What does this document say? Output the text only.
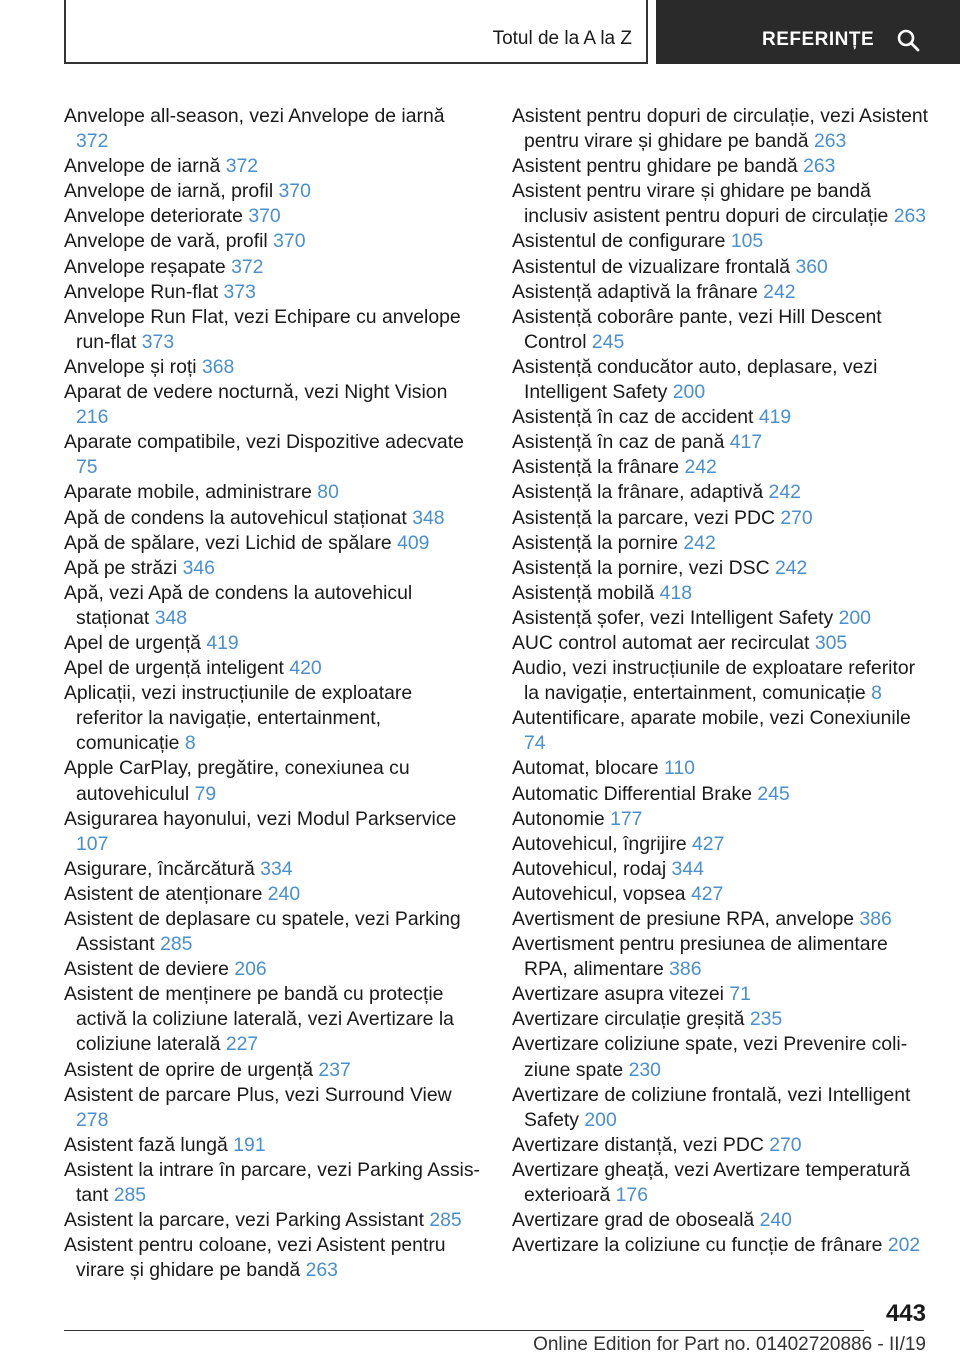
Totul de la A la Z	REFERINȚE
Anvelope all-season, vezi Anvelope de iarnă 372
Anvelope de iarnă 372
Anvelope de iarnă, profil 370
Anvelope deteriorate 370
Anvelope de vară, profil 370
Anvelope reșapate 372
Anvelope Run-flat 373
Anvelope Run Flat, vezi Echipare cu anvelope run-flat 373
Anvelope și roți 368
Aparat de vedere nocturnă, vezi Night Vision 216
Aparate compatibile, vezi Dispozitive adecvate 75
Aparate mobile, administrare 80
Apă de condens la autovehicul staționat 348
Apă de spălare, vezi Lichid de spălare 409
Apă pe străzi 346
Apă, vezi Apă de condens la autovehicul staționat 348
Apel de urgență 419
Apel de urgență inteligent 420
Aplicații, vezi instrucțiunile de exploatare referitor la navigație, entertainment, comunicație 8
Apple CarPlay, pregătire, conexiunea cu autovehiculul 79
Asigurarea hayonului, vezi Modul Parkservice 107
Asigurare, încărcătură 334
Asistent de atenționare 240
Asistent de deplasare cu spatele, vezi Parking Assistant 285
Asistent de deviere 206
Asistent de menținere pe bandă cu protecție activă la coliziune laterală, vezi Avertizare la coliziune laterală 227
Asistent de oprire de urgență 237
Asistent de parcare Plus, vezi Surround View 278
Asistent fază lungă 191
Asistent la intrare în parcare, vezi Parking Assistant 285
Asistent la parcare, vezi Parking Assistant 285
Asistent pentru coloane, vezi Asistent pentru virare și ghidare pe bandă 263
Asistent pentru dopuri de circulație, vezi Asistent pentru virare și ghidare pe bandă 263
Asistent pentru ghidare pe bandă 263
Asistent pentru virare și ghidare pe bandă inclusiv asistent pentru dopuri de circulație 263
Asistentul de configurare 105
Asistentul de vizualizare frontală 360
Asistență adaptivă la frânare 242
Asistență coborâre pante, vezi Hill Descent Control 245
Asistență conducător auto, deplasare, vezi Intelligent Safety 200
Asistență în caz de accident 419
Asistență în caz de pană 417
Asistență la frânare 242
Asistență la frânare, adaptivă 242
Asistență la parcare, vezi PDC 270
Asistență la pornire 242
Asistență la pornire, vezi DSC 242
Asistență mobilă 418
Asistență șofer, vezi Intelligent Safety 200
AUC control automat aer recirculat 305
Audio, vezi instrucțiunile de exploatare referitor la navigație, entertainment, comunicație 8
Autentificare, aparate mobile, vezi Conexiunile 74
Automat, blocare 110
Automatic Differential Brake 245
Autonomie 177
Autovehicul, îngrijire 427
Autovehicul, rodaj 344
Autovehicul, vopsea 427
Avertisment de presiune RPA, anvelope 386
Avertisment pentru presiunea de alimentare RPA, alimentare 386
Avertizare asupra vitezei 71
Avertizare circulație greșită 235
Avertizare coliziune spate, vezi Prevenire coliziune spate 230
Avertizare de coliziune frontală, vezi Intelligent Safety 200
Avertizare distanță, vezi PDC 270
Avertizare gheață, vezi Avertizare temperatură exterioară 176
Avertizare grad de oboseală 240
Avertizare la coliziune cu funcție de frânare 202
443
Online Edition for Part no. 01402720886 - II/19
